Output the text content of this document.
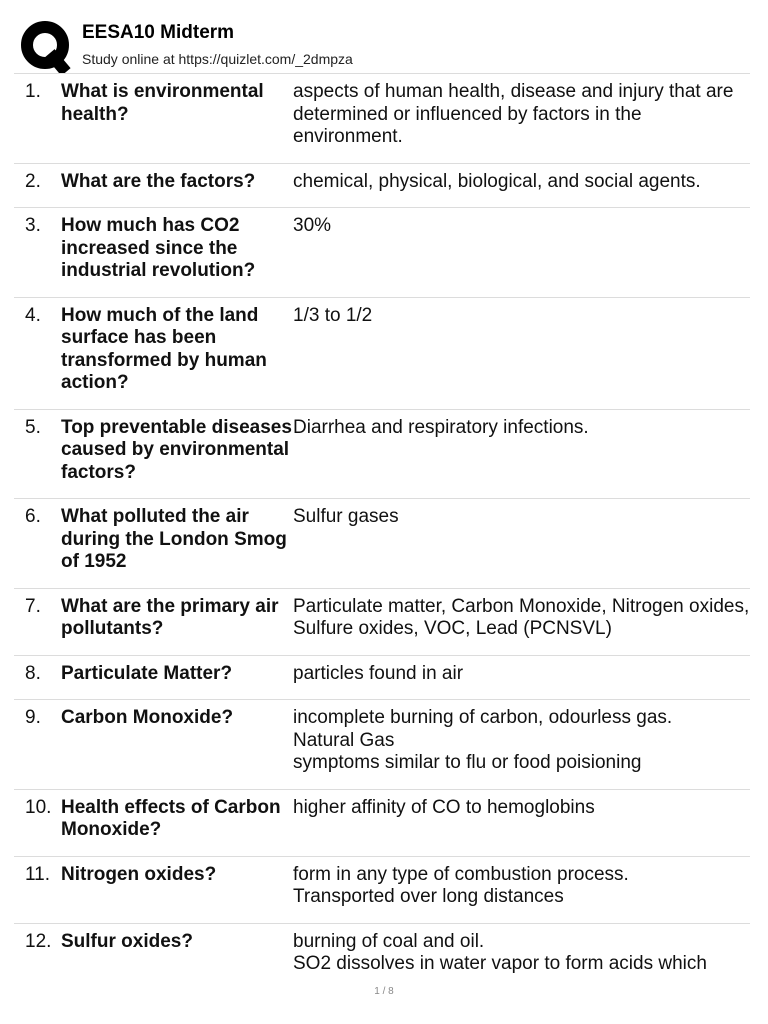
EESA10 Midterm
Study online at https://quizlet.com/_2dmpza
1.	What is environmental health?
aspects of human health, disease and injury that are determined or influenced by factors in the environment.
2.	What are the factors?	chemical, physical, biological, and social agents.
3.	How much has CO2 increased since the industrial revolution?
30%
4.	How much of the land surface has been transformed by human action?
1/3 to 1/2
5.	Top preventable diseases caused by environmental factors?
Diarrhea and respiratory infections.
6.	What polluted the air during the London Smog of 1952
Sulfur gases
7.	What are the primary air pollutants?
Particulate matter, Carbon Monoxide, Nitrogen oxides, Sulfure oxides, VOC, Lead (PCNSVL)
8.	Particulate Matter?	particles found in air
9.	Carbon Monoxide?	incomplete burning of carbon, odourless gas.
Natural Gas
symptoms similar to flu or food poisioning
10. Health effects of Carbon Monoxide?
higher affinity of CO to hemoglobins
11. Nitrogen oxides?	form in any type of combustion process.
Transported over long distances
12. Sulfur oxides?	burning of coal and oil.
SO2 dissolves in water vapor to form acids which
1 / 8
